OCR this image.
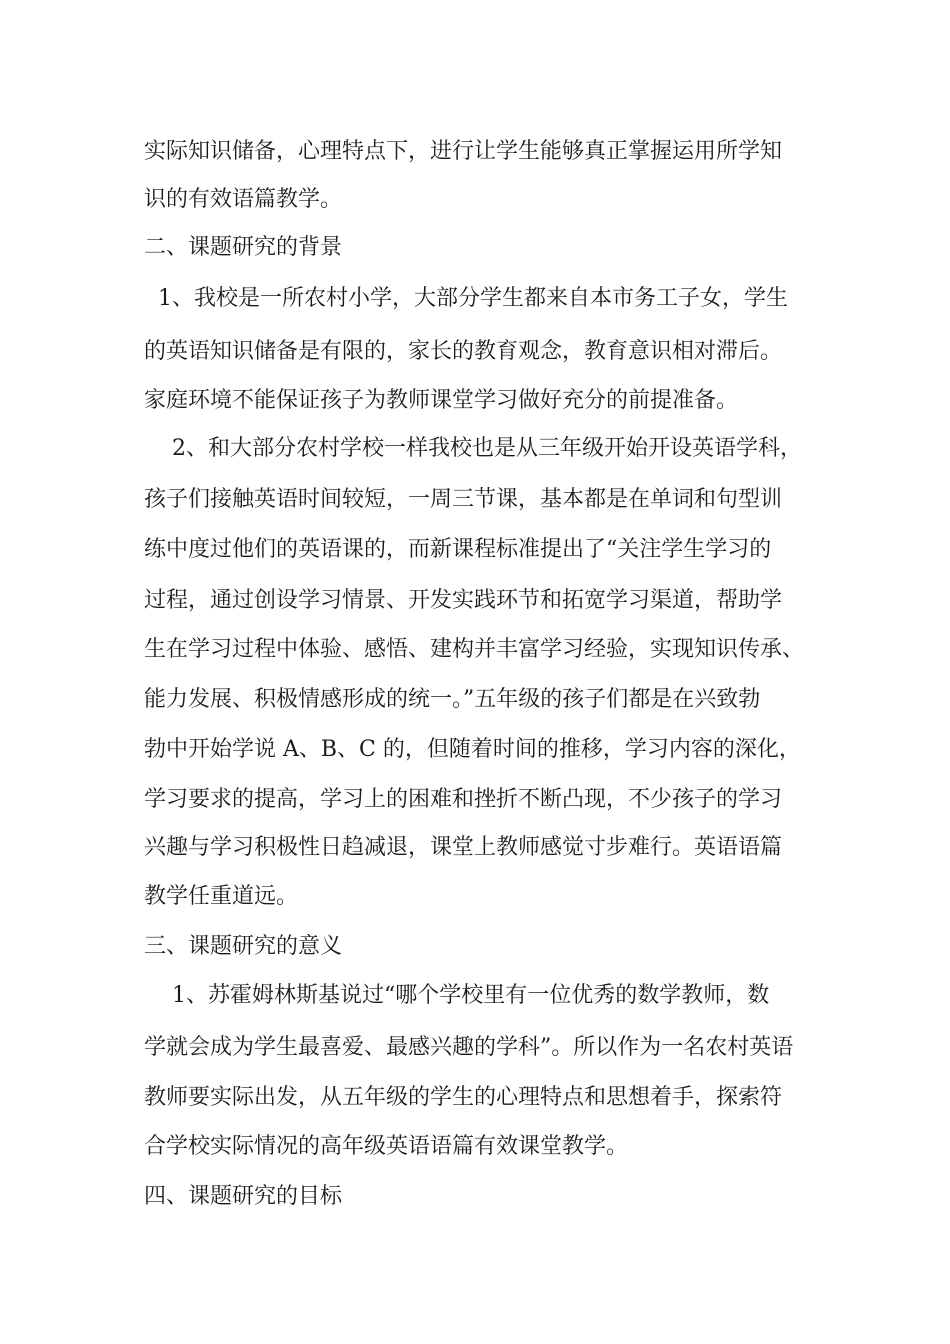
实际知识储备，心理特点下，进行让学生能够真正掌握运用所学知

识的有效语篇教学。

二、课题研究的背景

1、我校是一所农村小学，大部分学生都来自本市务工子女，学生

的英语知识储备是有限的，家长的教育观念，教育意识相对滞后。

家庭环境不能保证孩子为教师课堂学习做好充分的前提准备。

2、和大部分农村学校一样我校也是从三年级开始开设英语学科，

孩子们接触英语时间较短，一周三节课，基本都是在单词和句型训

练中度过他们的英语课的，而新课程标准提出了“关注学生学习的

过程，通过创设学习情景、开发实践环节和拓宽学习渠道，帮助学

生在学习过程中体验、感悟、建构并丰富学习经验，实现知识传承、

能力发展、积极情感形成的统一。”五年级的孩子们都是在兴致勃

勃中开始学说 A、B、C 的，但随着时间的推移，学习内容的深化，

学习要求的提高，学习上的困难和挫折不断凸现，不少孩子的学习

兴趣与学习积极性日趋减退，课堂上教师感觉寸步难行。英语语篇

教学任重道远。

三、课题研究的意义

1、苏霍姆林斯基说过“哪个学校里有一位优秀的数学教师，数

学就会成为学生最喜爱、最感兴趣的学科”。所以作为一名农村英语

教师要实际出发，从五年级的学生的心理特点和思想着手，探索符

合学校实际情况的高年级英语语篇有效课堂教学。

四、课题研究的目标
